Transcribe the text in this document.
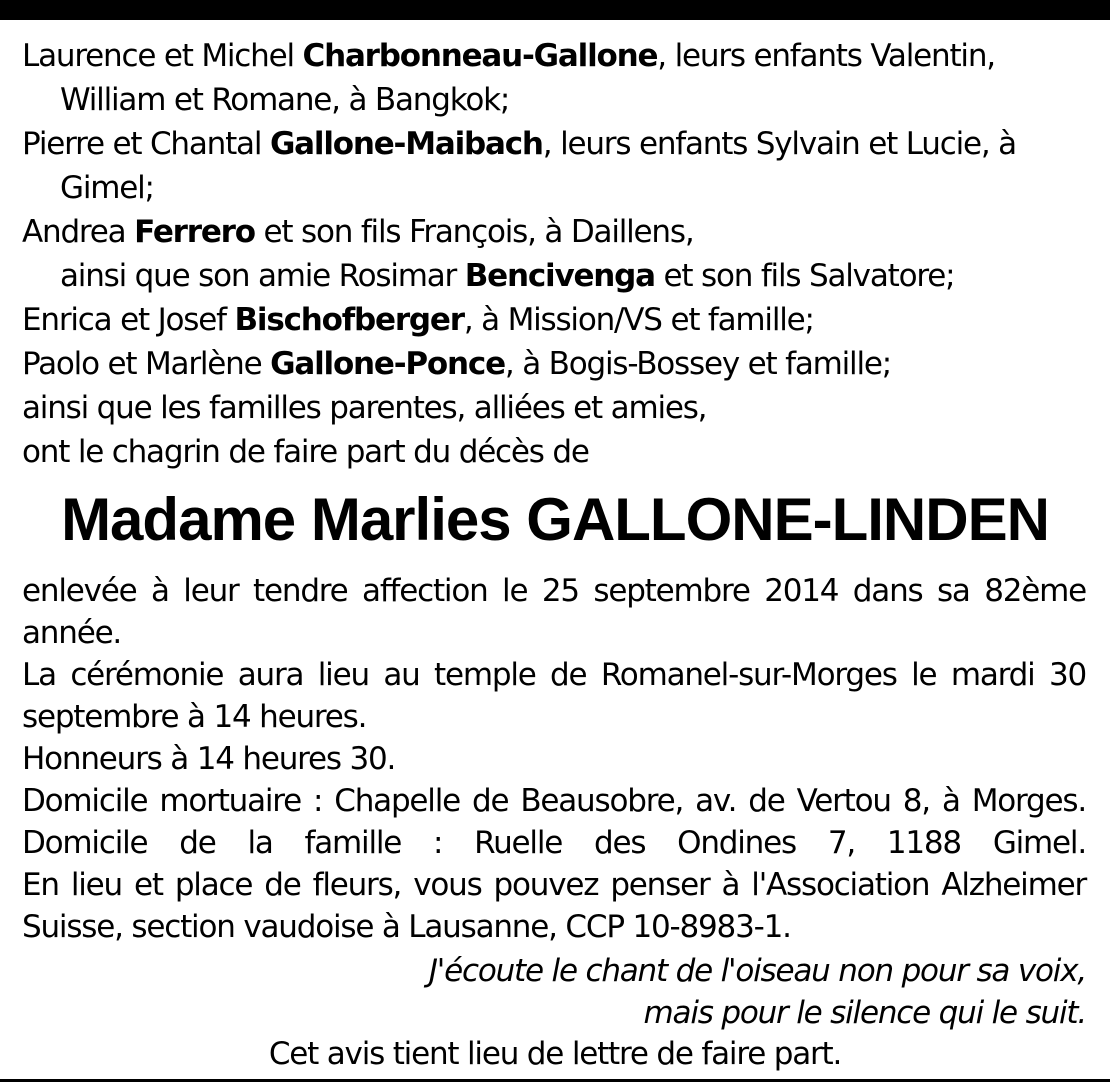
Laurence et Michel Charbonneau-Gallone, leurs enfants Valentin, William et Romane, à Bangkok;
Pierre et Chantal Gallone-Maibach, leurs enfants Sylvain et Lucie, à Gimel;
Andrea Ferrero et son fils François, à Daillens,
ainsi que son amie Rosimar Bencivenga et son fils Salvatore;
Enrica et Josef Bischofberger, à Mission/VS et famille;
Paolo et Marlène Gallone-Ponce, à Bogis-Bossey et famille;
ainsi que les familles parentes, alliées et amies,
ont le chagrin de faire part du décès de
Madame Marlies GALLONE-LINDEN
enlevée à leur tendre affection le 25 septembre 2014 dans sa 82ème année.
La cérémonie aura lieu au temple de Romanel-sur-Morges le mardi 30 septembre à 14 heures.
Honneurs à 14 heures 30.
Domicile mortuaire : Chapelle de Beausobre, av. de Vertou 8, à Morges.
Domicile de la famille : Ruelle des Ondines 7, 1188 Gimel.
En lieu et place de fleurs, vous pouvez penser à l'Association Alzheimer Suisse, section vaudoise à Lausanne, CCP 10-8983-1.
J'écoute le chant de l'oiseau non pour sa voix,
mais pour le silence qui le suit.
Cet avis tient lieu de lettre de faire part.
